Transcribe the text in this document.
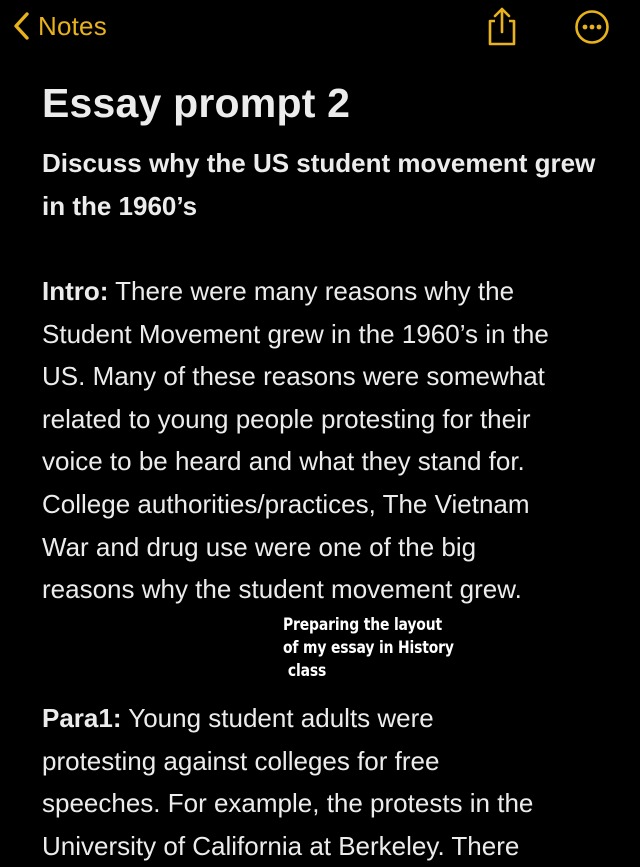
Notes
Essay prompt 2

Discuss why the US student movement grew in the 1960’s

Intro: There were many reasons why the
Student Movement grew in the 1960’s in the
US. Many of these reasons were somewhat
related to young people protesting for their
voice to be heard and what they stand for.
College authorities/practices, The Vietnam
War and drug use were one of the big
reasons why the student movement grew.

Para1: Young student adults were
protesting against colleges for free
speeches. For example, the protests in the
University of California at Berkeley. There

Preparing the layout
of my essay in History
class
